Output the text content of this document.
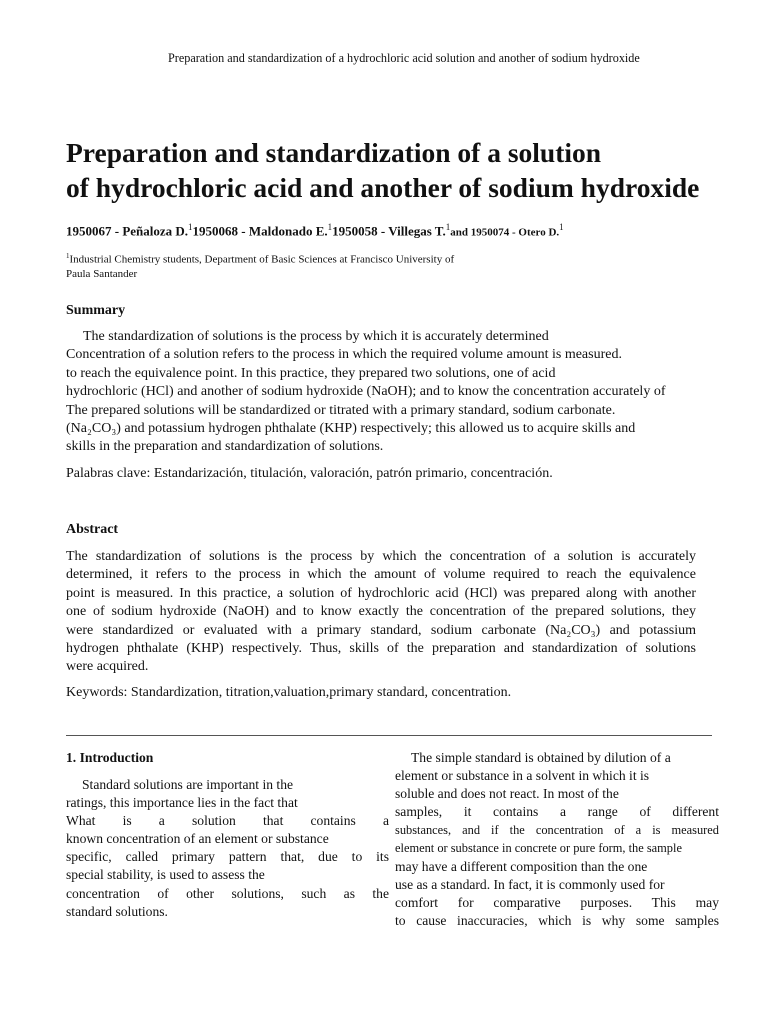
Preparation and standardization of a hydrochloric acid solution and another of sodium hydroxide
Preparation and standardization of a solution
of hydrochloric acid and another of sodium hydroxide
1950067 - Peñaloza D.$^1$1950068 - Maldonado E.$^1$1950058 - Villegas T.$^1$and 1950074 - Otero D.$^1$
$^1$Industrial Chemistry students, Department of Basic Sciences at Francisco University of
Paula Santander
Summary
The standardization of solutions is the process by which it is accurately determined
Concentration of a solution refers to the process in which the required volume amount is measured.
to reach the equivalence point. In this practice, they prepared two solutions, one of acid
hydrochloric (HCl) and another of sodium hydroxide (NaOH); and to know the concentration accurately of
The prepared solutions will be standardized or titrated with a primary standard, sodium carbonate.
(Na₂CO₃) and potassium hydrogen phthalate (KHP) respectively; this allowed us to acquire skills and
skills in the preparation and standardization of solutions.
Palabras clave: Estandarización, titulación, valoración, patrón primario, concentración.
Abstract
The standardization of solutions is the process by which the concentration of a solution is accurately
determined, it refers to the process in which the amount of volume required to reach the equivalence
point is measured. In this practice, a solution of hydrochloric acid (HCl) was prepared along with another
one of sodium hydroxide (NaOH) and to know exactly the concentration of the prepared solutions, they
were standardized or evaluated with a primary standard, sodium carbonate (Na₂CO₃) and potassium
hydrogen phthalate (KHP) respectively. Thus, skills of the preparation and standardization of solutions
were acquired.
Keywords: Standardization, titration,valuation,primary standard, concentration.
1. Introduction
Standard solutions are important in the
ratings, this importance lies in the fact that
What is a solution that contains a
known concentration of an element or substance
specific, called primary pattern that, due to its
special stability, is used to assess the
concentration of other solutions, such as the
standard solutions.
The simple standard is obtained by dilution of a
element or substance in a solvent in which it is
soluble and does not react. In most of the
samples, it contains a range of different
substances, and if the concentration of a is measured
element or substance in concrete or pure form, the sample
may have a different composition than the one
use as a standard. In fact, it is commonly used for
comfort for comparative purposes. This may
to cause inaccuracies, which is why some samples
